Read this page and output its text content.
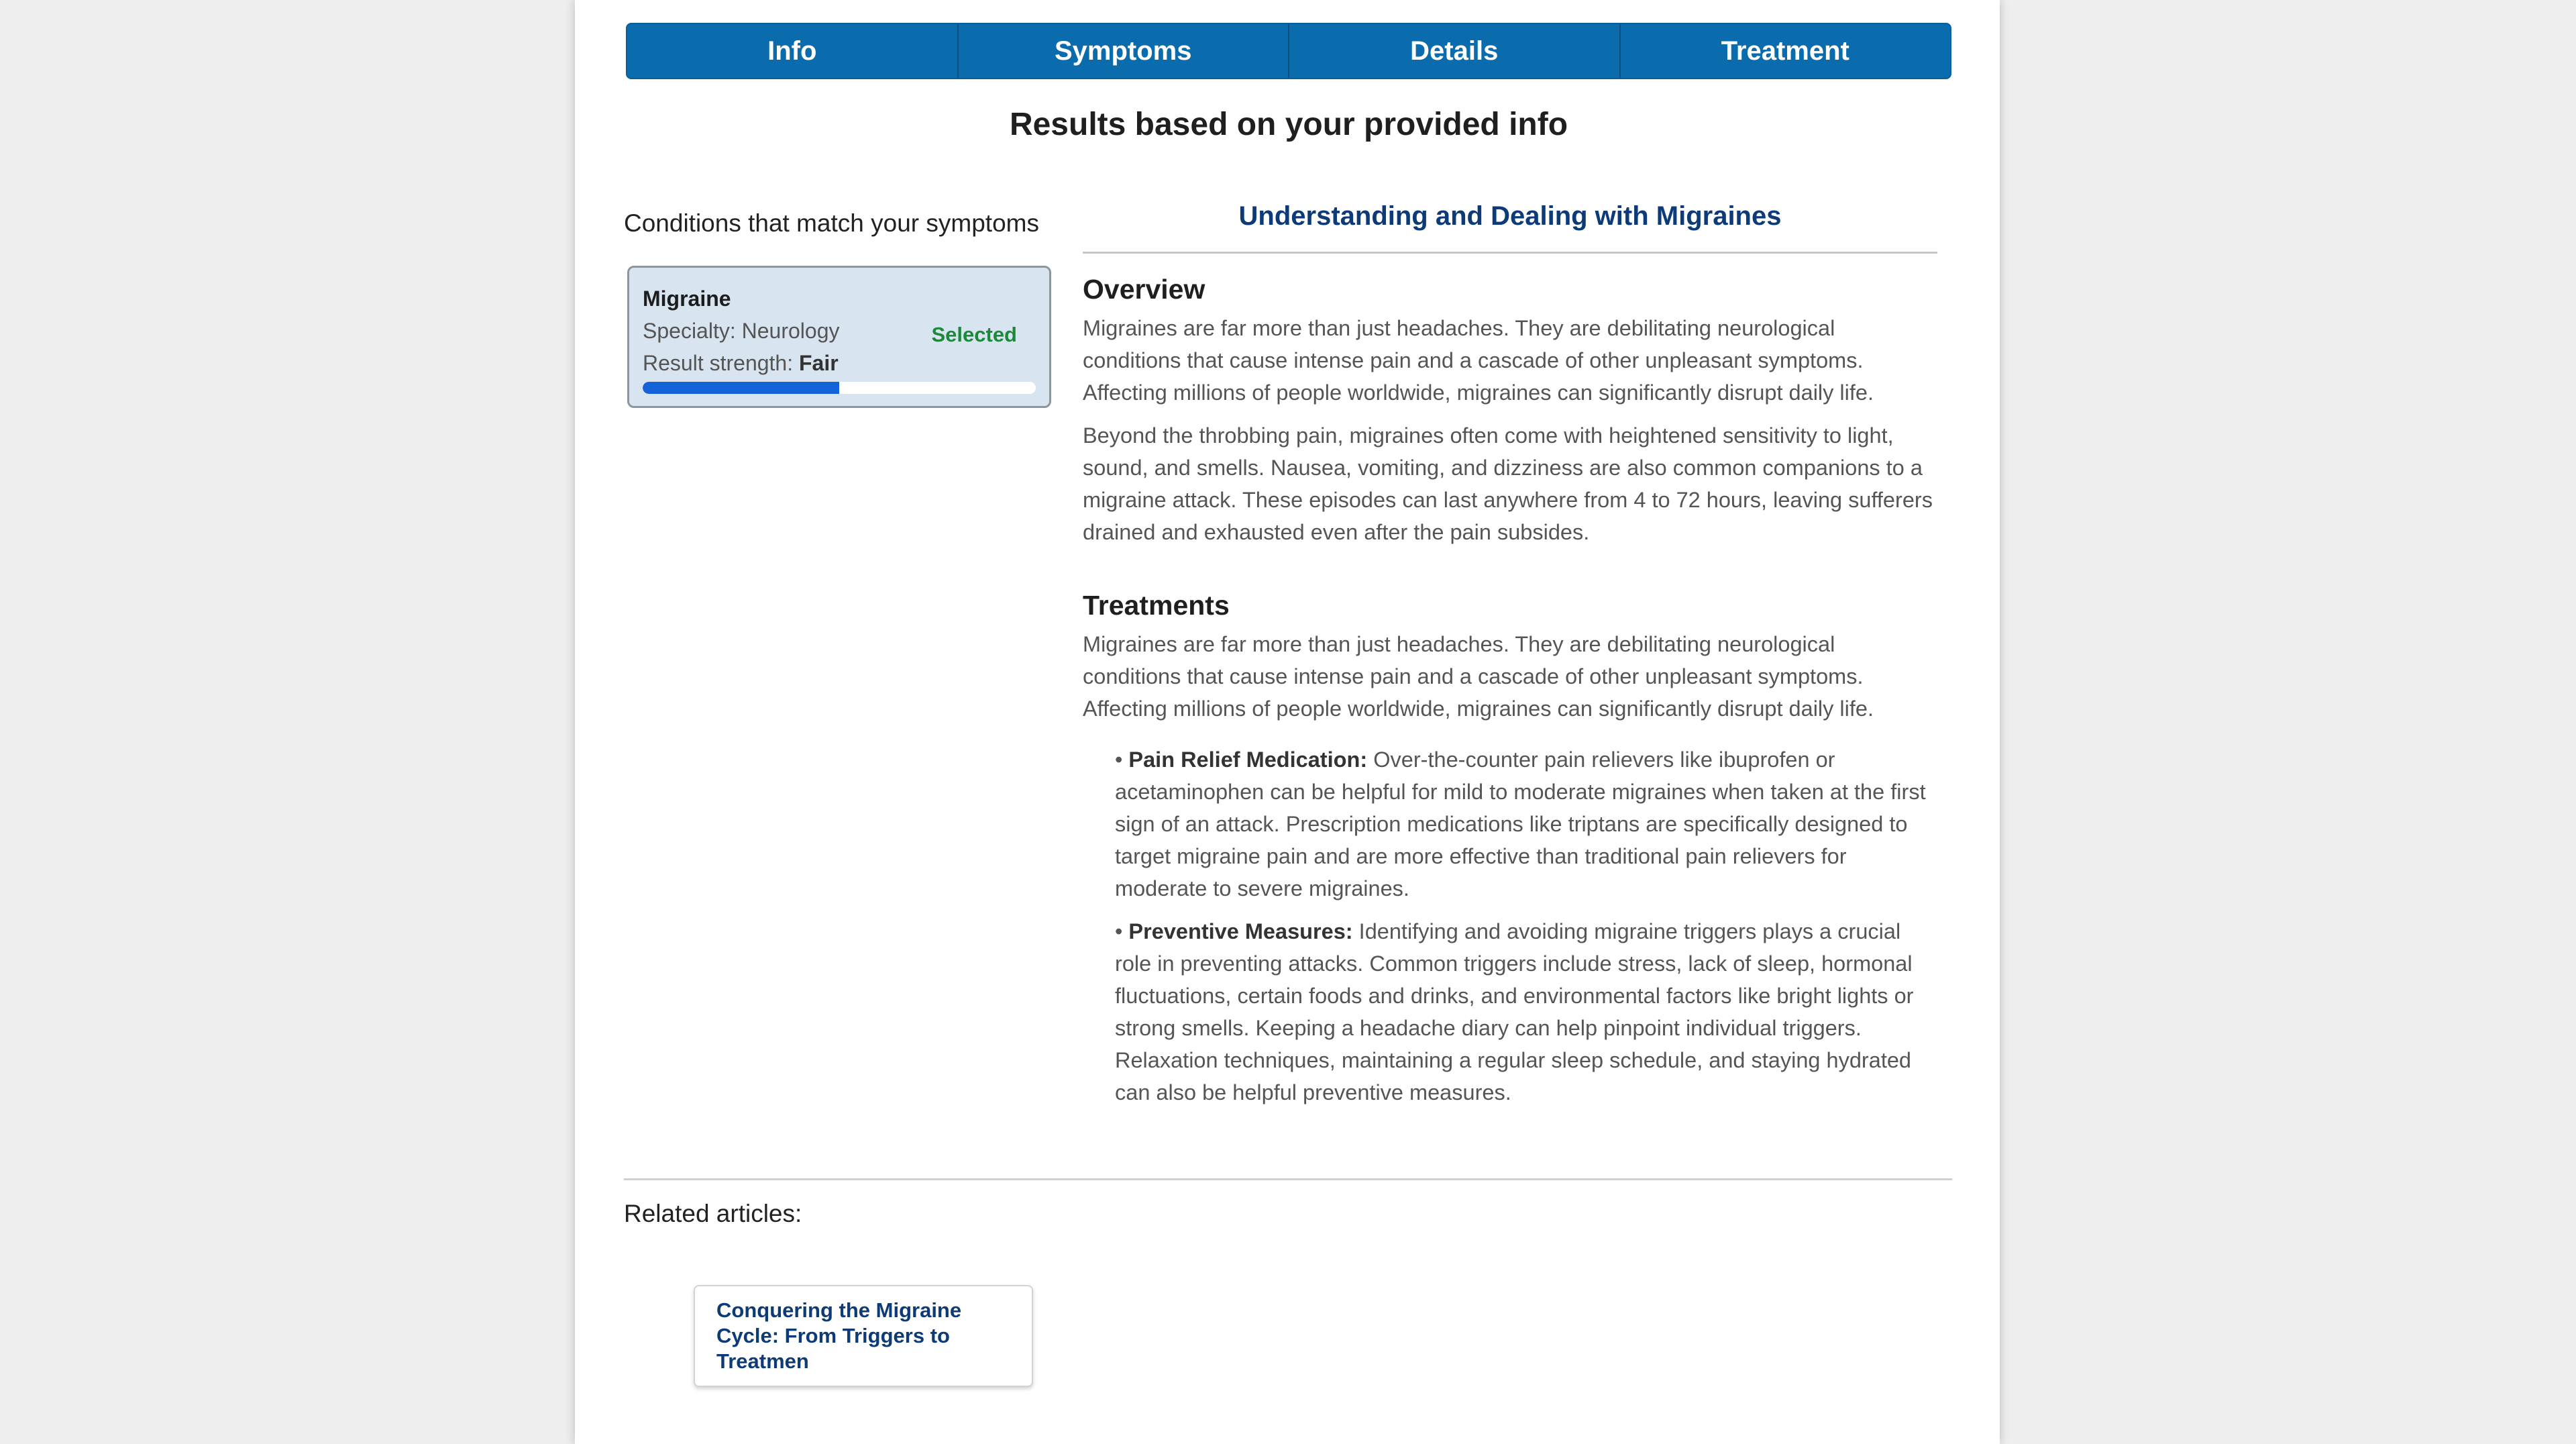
Info	Symptoms	Details	Treatment
Results based on your provided info
Conditions that match your symptoms
Migraine
Specialty: Neurology
Result strength: Fair
Selected
Understanding and Dealing with Migraines
Overview

Migraines are far more than just headaches. They are debilitating neurological conditions that cause intense pain and a cascade of other unpleasant symptoms. Affecting millions of people worldwide, migraines can significantly disrupt daily life.

Beyond the throbbing pain, migraines often come with heightened sensitivity to light, sound, and smells. Nausea, vomiting, and dizziness are also common companions to a migraine attack. These episodes can last anywhere from 4 to 72 hours, leaving sufferers drained and exhausted even after the pain subsides.

Treatments

Migraines are far more than just headaches. They are debilitating neurological conditions that cause intense pain and a cascade of other unpleasant symptoms. Affecting millions of people worldwide, migraines can significantly disrupt daily life.

• Pain Relief Medication: Over-the-counter pain relievers like ibuprofen or acetaminophen can be helpful for mild to moderate migraines when taken at the first sign of an attack. Prescription medications like triptans are specifically designed to target migraine pain and are more effective than traditional pain relievers for moderate to severe migraines.

• Preventive Measures: Identifying and avoiding migraine triggers plays a crucial role in preventing attacks. Common triggers include stress, lack of sleep, hormonal fluctuations, certain foods and drinks, and environmental factors like bright lights or strong smells. Keeping a headache diary can help pinpoint individual triggers. Relaxation techniques, maintaining a regular sleep schedule, and staying hydrated can also be helpful preventive measures.

Related articles:
Conquering the Migraine Cycle: From Triggers to Treatmen
